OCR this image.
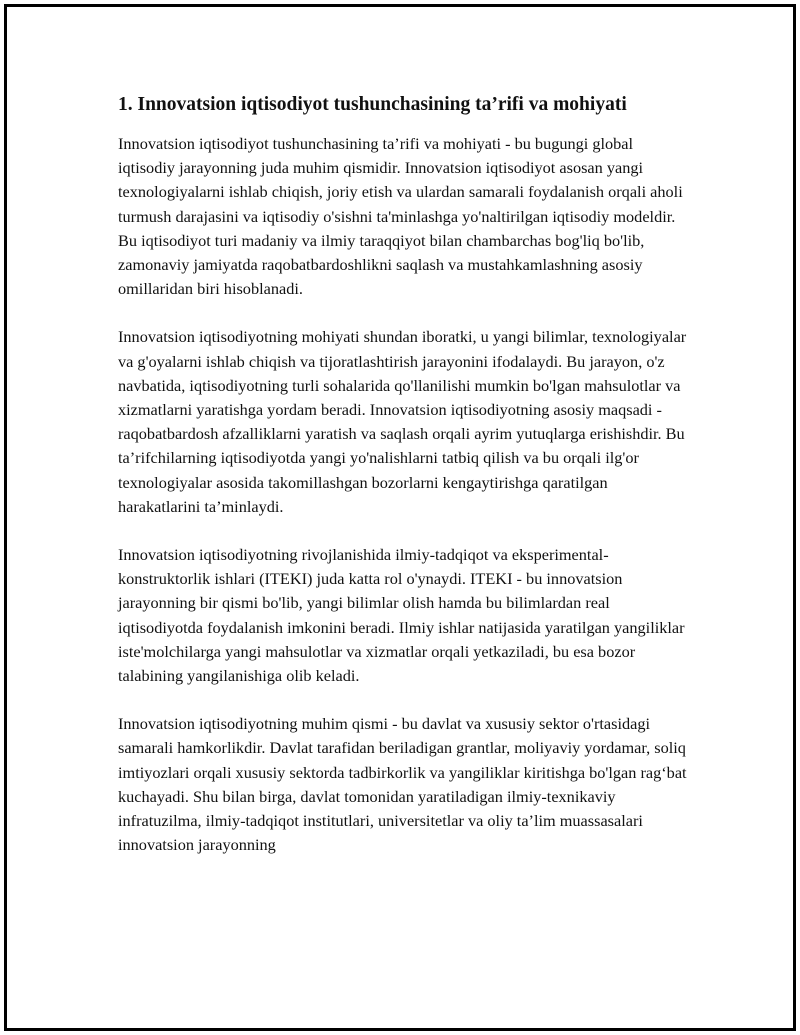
1. Innovatsion iqtisodiyot tushunchasining ta’rifi va mohiyati

Innovatsion iqtisodiyot tushunchasining ta’rifi va mohiyati - bu bugungi global iqtisodiy jarayonning juda muhim qismidir. Innovatsion iqtisodiyot asosan yangi texnologiyalarni ishlab chiqish, joriy etish va ulardan samarali foydalanish orqali aholi turmush darajasini va iqtisodiy o'sishni ta'minlashga yo'naltirilgan iqtisodiy modeldir. Bu iqtisodiyot turi madaniy va ilmiy taraqqiyot bilan chambarchas bog'liq bo'lib, zamonaviy jamiyatda raqobatbardoshlikni saqlash va mustahkamlashning asosiy omillaridan biri hisoblanadi.

Innovatsion iqtisodiyotning mohiyati shundan iboratki, u yangi bilimlar, texnologiyalar va g'oyalarni ishlab chiqish va tijoratlashtirish jarayonini ifodalaydi. Bu jarayon, o'z navbatida, iqtisodiyotning turli sohalarida qo'llanilishi mumkin bo'lgan mahsulotlar va xizmatlarni yaratishga yordam beradi. Innovatsion iqtisodiyotning asosiy maqsadi - raqobatbardosh afzalliklarni yaratish va saqlash orqali ayrim yutuqlarga erishishdir. Bu ta’rifchilarning iqtisodiyotda yangi yo'nalishlarni tatbiq qilish va bu orqali ilg'or texnologiyalar asosida takomillashgan bozorlarni kengaytirishga qaratilgan harakatlarini ta’minlaydi.

Innovatsion iqtisodiyotning rivojlanishida ilmiy-tadqiqot va eksperimental-konstruktorlik ishlari (ITEKI) juda katta rol o'ynaydi. ITEKI - bu innovatsion jarayonning bir qismi bo'lib, yangi bilimlar olish hamda bu bilimlardan real iqtisodiyotda foydalanish imkonini beradi. Ilmiy ishlar natijasida yaratilgan yangiliklar iste'molchilarga yangi mahsulotlar va xizmatlar orqali yetkaziladi, bu esa bozor talabining yangilanishiga olib keladi.

Innovatsion iqtisodiyotning muhim qismi - bu davlat va xususiy sektor o'rtasidagi samarali hamkorlikdir. Davlat tarafidan beriladigan grantlar, moliyaviy yordamar, soliq imtiyozlari orqali xususiy sektorda tadbirkorlik va yangiliklar kiritishga bo'lgan rag‘bat kuchayadi. Shu bilan birga, davlat tomonidan yaratiladigan ilmiy-texnikaviy infratuzilma, ilmiy-tadqiqot institutlari, universitetlar va oliy ta’lim muassasalari innovatsion jarayonning
